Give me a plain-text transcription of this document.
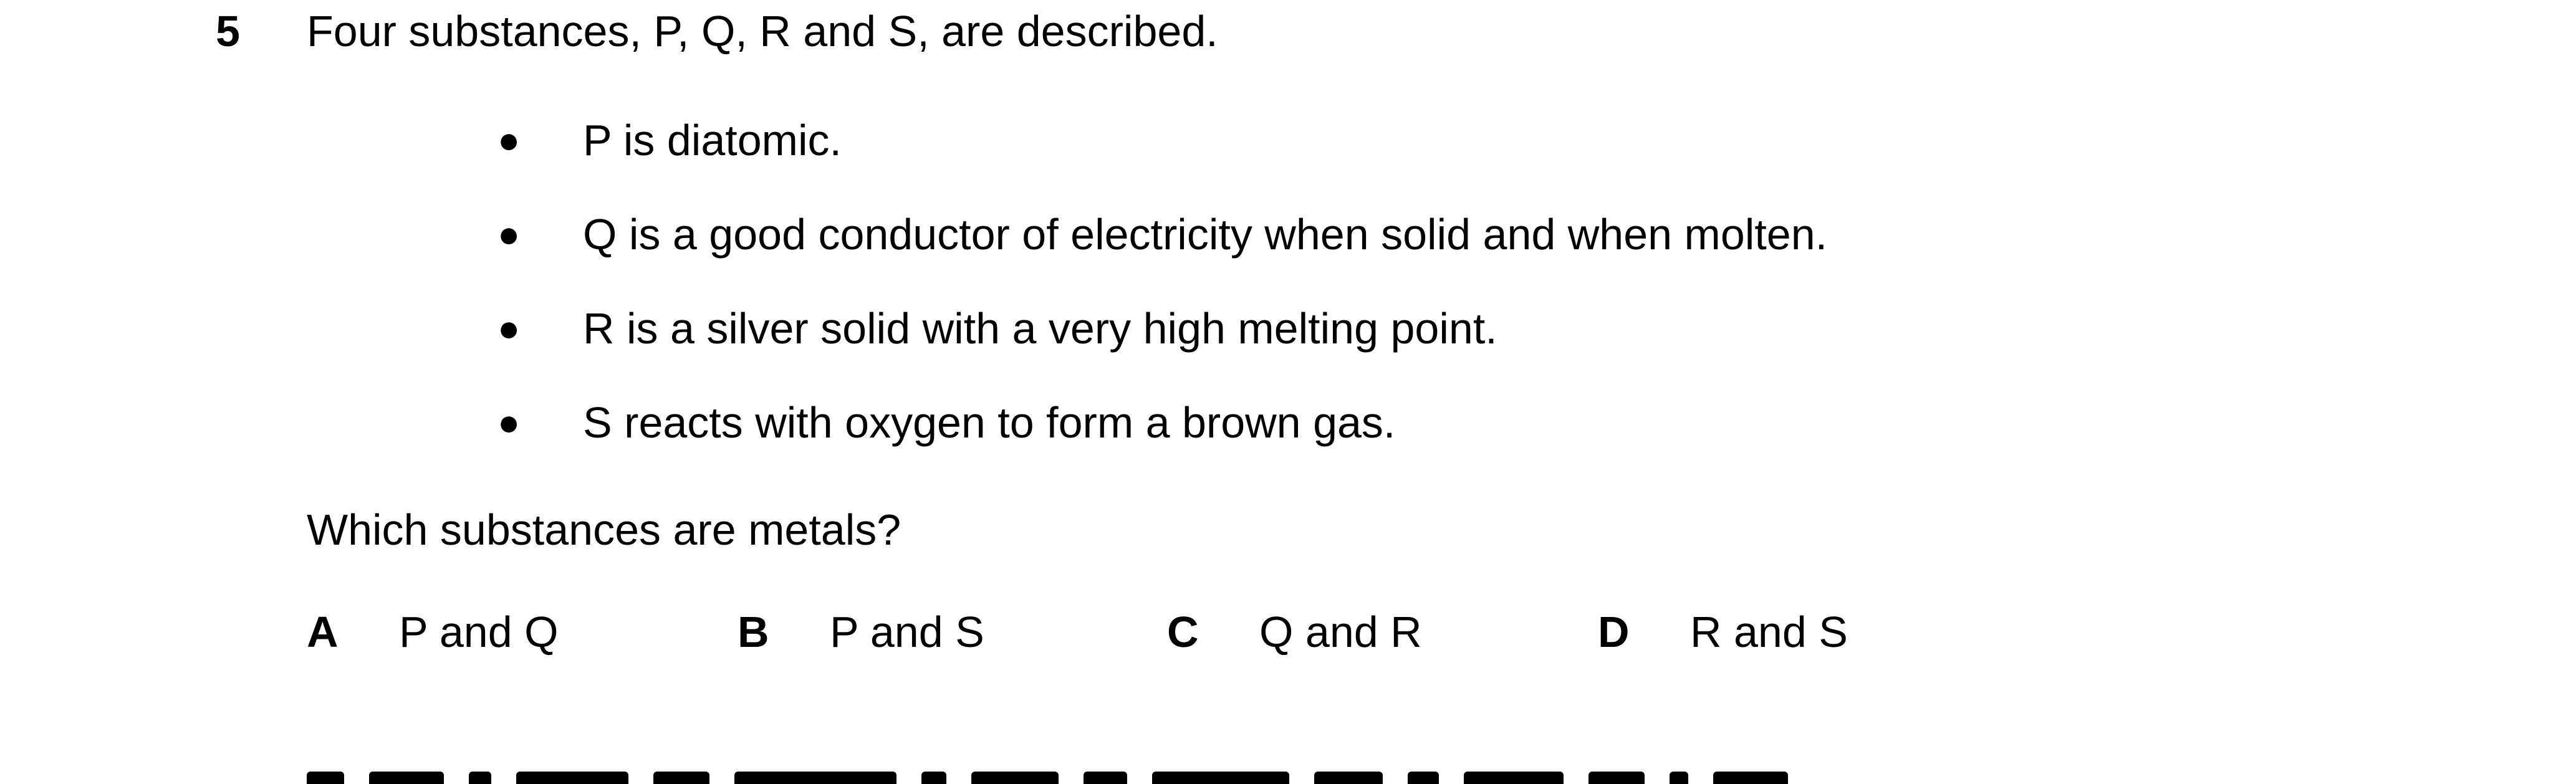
5 Four substances, P, Q, R and S, are described.
● P is diatomic.
● Q is a good conductor of electricity when solid and when molten.
● R is a silver solid with a very high melting point.
● S reacts with oxygen to form a brown gas.
Which substances are metals?
A P and Q	B P and S	C Q and R	D R and S
